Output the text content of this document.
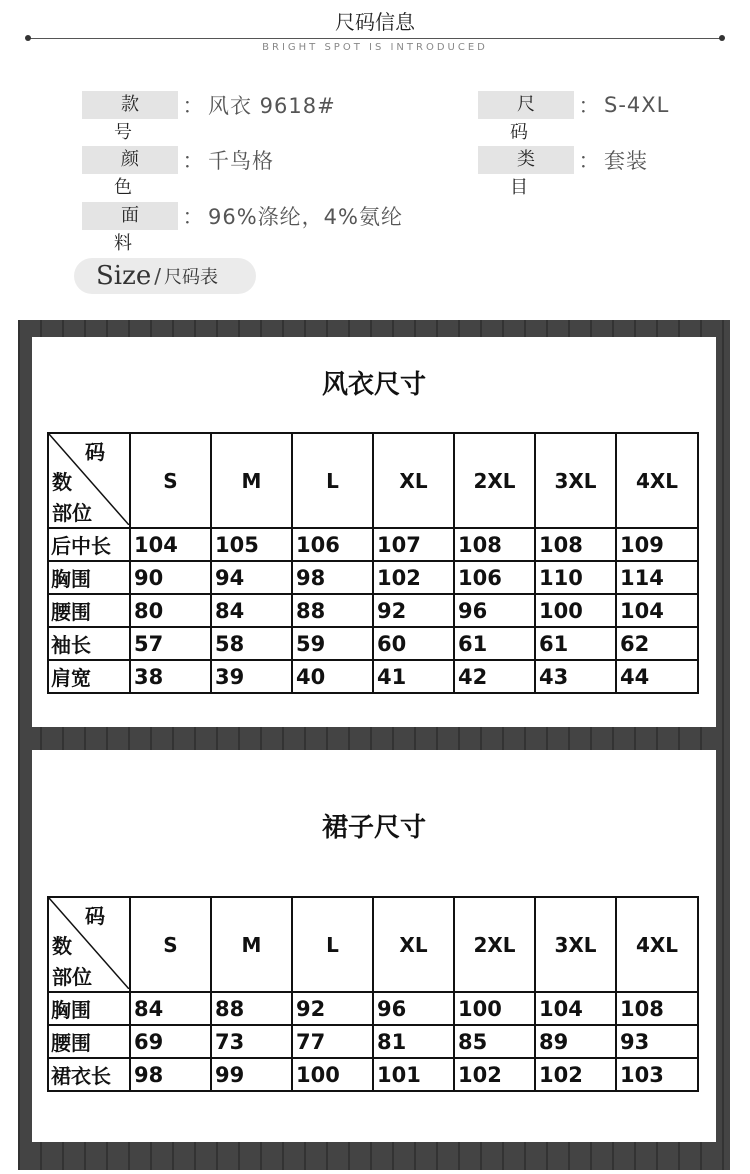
尺码信息
BRIGHT SPOT IS INTRODUCED
款 号
： 风衣 9618#	尺 码
： S-4XL
颜 色
： 千鸟格	类 目
： 套装
面 料
： 96%涤纶，4%氨纶
Size / 尺码表
风衣尺寸
码
数
部位	S	M	L	XL	2XL	3XL	4XL
后中长	104	105	106	107	108	108	109
胸围	90	94	98	102	106	110	114
腰围	80	84	88	92	96	100	104
袖长	57	58	59	60	61	61	62
肩宽	38	39	40	41	42	43	44
裙子尺寸
码
数
部位	S	M	L	XL	2XL	3XL	4XL
胸围	84	88	92	96	100	104	108
腰围	69	73	77	81	85	89	93
裙衣长	98	99	100	101	102	102	103
